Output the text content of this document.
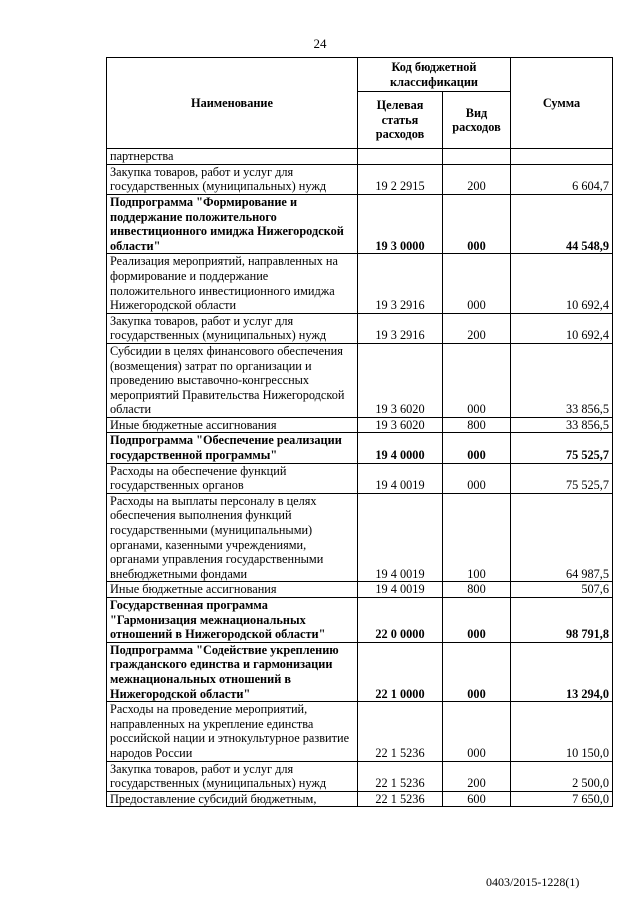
24
Наименование	Код бюджетной классификации		Сумма
	Целевая статья расходов	Вид расходов	
партнерства			
Закупка товаров, работ и услуг для государственных (муниципальных) нужд	19 2 2915	200	6 604,7
Подпрограмма "Формирование и поддержание положительного инвестиционного имиджа Нижегородской области"	19 3 0000	000	44 548,9
Реализация мероприятий, направленных на формирование и поддержание положительного инвестиционного имиджа Нижегородской области	19 3 2916	000	10 692,4
Закупка товаров, работ и услуг для государственных (муниципальных) нужд	19 3 2916	200	10 692,4
Субсидии в целях финансового обеспечения (возмещения) затрат по организации и проведению выставочно-конгрессных мероприятий Правительства Нижегородской области	19 3 6020	000	33 856,5
Иные бюджетные ассигнования	19 3 6020	800	33 856,5
Подпрограмма "Обеспечение реализации государственной программы"	19 4 0000	000	75 525,7
Расходы на обеспечение функций государственных органов	19 4 0019	000	75 525,7
Расходы на выплаты персоналу в целях обеспечения выполнения функций государственными (муниципальными) органами, казенными учреждениями, органами управления государственными внебюджетными фондами	19 4 0019	100	64 987,5
Иные бюджетные ассигнования	19 4 0019	800	507,6
Государственная программа "Гармонизация межнациональных отношений в Нижегородской области"	22 0 0000	000	98 791,8
Подпрограмма "Содействие укреплению гражданского единства и гармонизации межнациональных отношений в Нижегородской области"	22 1 0000	000	13 294,0
Расходы на проведение мероприятий, направленных на укрепление единства российской нации и этнокультурное развитие народов России	22 1 5236	000	10 150,0
Закупка товаров, работ и услуг для государственных (муниципальных) нужд	22 1 5236	200	2 500,0
Предоставление субсидий бюджетным,	22 1 5236	600	7 650,0
0403/2015-1228(1)
